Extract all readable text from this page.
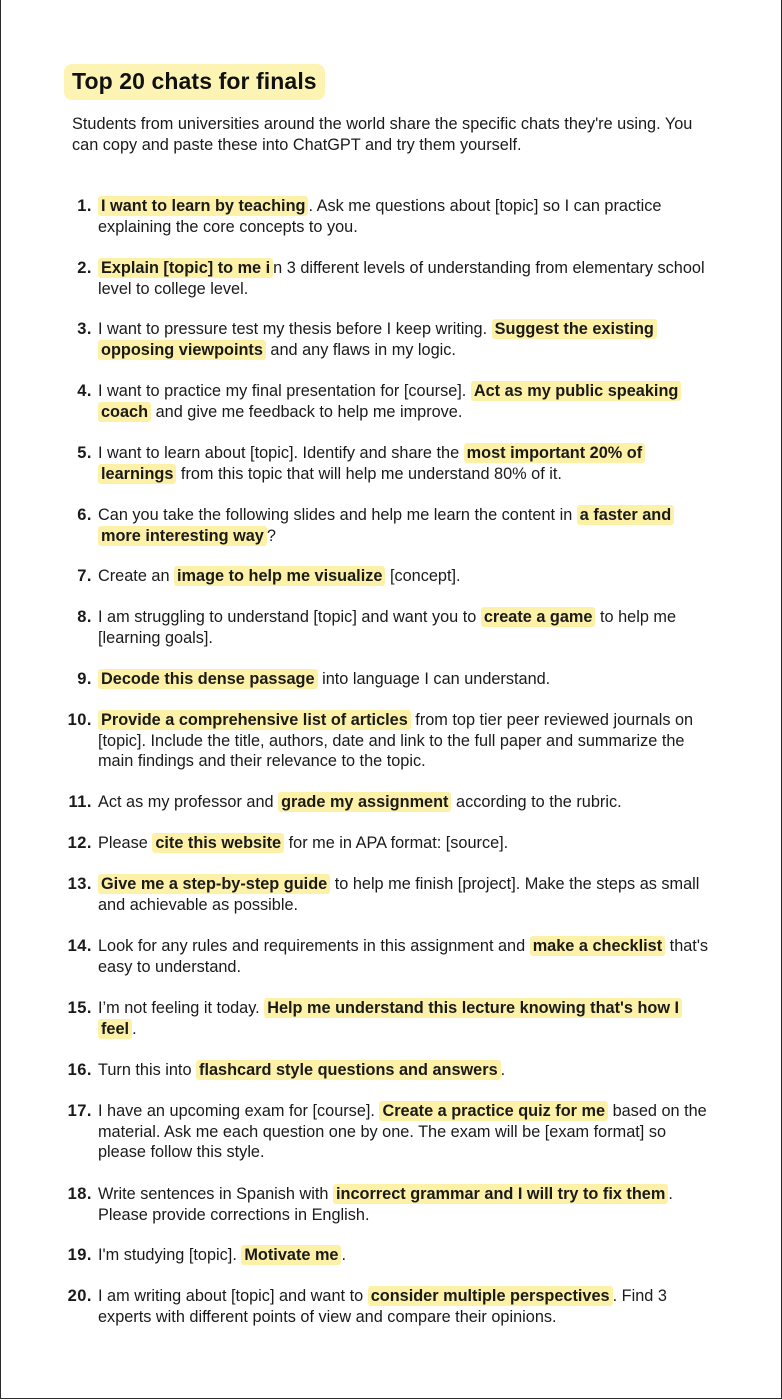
Top 20 chats for finals

Students from universities around the world share the specific chats they're using. You can copy and paste these into ChatGPT and try them yourself.

1. I want to learn by teaching . Ask me questions about [topic] so I can practice explaining the core concepts to you.
2. Explain [topic] to me i n 3 different levels of understanding from elementary school level to college level.
3. I want to pressure test my thesis before I keep writing. Suggest the existing opposing viewpoints and any flaws in my logic.
4. I want to practice my final presentation for [course]. Act as my public speaking coach and give me feedback to help me improve.
5. I want to learn about [topic]. Identify and share the most important 20% of learnings from this topic that will help me understand 80% of it.
6. Can you take the following slides and help me learn the content in a faster and more interesting way ?
7. Create an image to help me visualize [concept].
8. I am struggling to understand [topic] and want you to create a game to help me [learning goals].
9. Decode this dense passage into language I can understand.
10. Provide a comprehensive list of articles from top tier peer reviewed journals on [topic]. Include the title, authors, date and link to the full paper and summarize the main findings and their relevance to the topic.
11. Act as my professor and grade my assignment according to the rubric.
12. Please cite this website for me in APA format: [source].
13. Give me a step-by-step guide to help me finish [project]. Make the steps as small and achievable as possible.
14. Look for any rules and requirements in this assignment and make a checklist that's easy to understand.
15. I’m not feeling it today. Help me understand this lecture knowing that's how I feel .
16. Turn this into flashcard style questions and answers .
17. I have an upcoming exam for [course]. Create a practice quiz for me based on the material. Ask me each question one by one. The exam will be [exam format] so please follow this style.
18. Write sentences in Spanish with incorrect grammar and I will try to fix them . Please provide corrections in English.
19. I'm studying [topic]. Motivate me .
20. I am writing about [topic] and want to consider multiple perspectives . Find 3 experts with different points of view and compare their opinions.
